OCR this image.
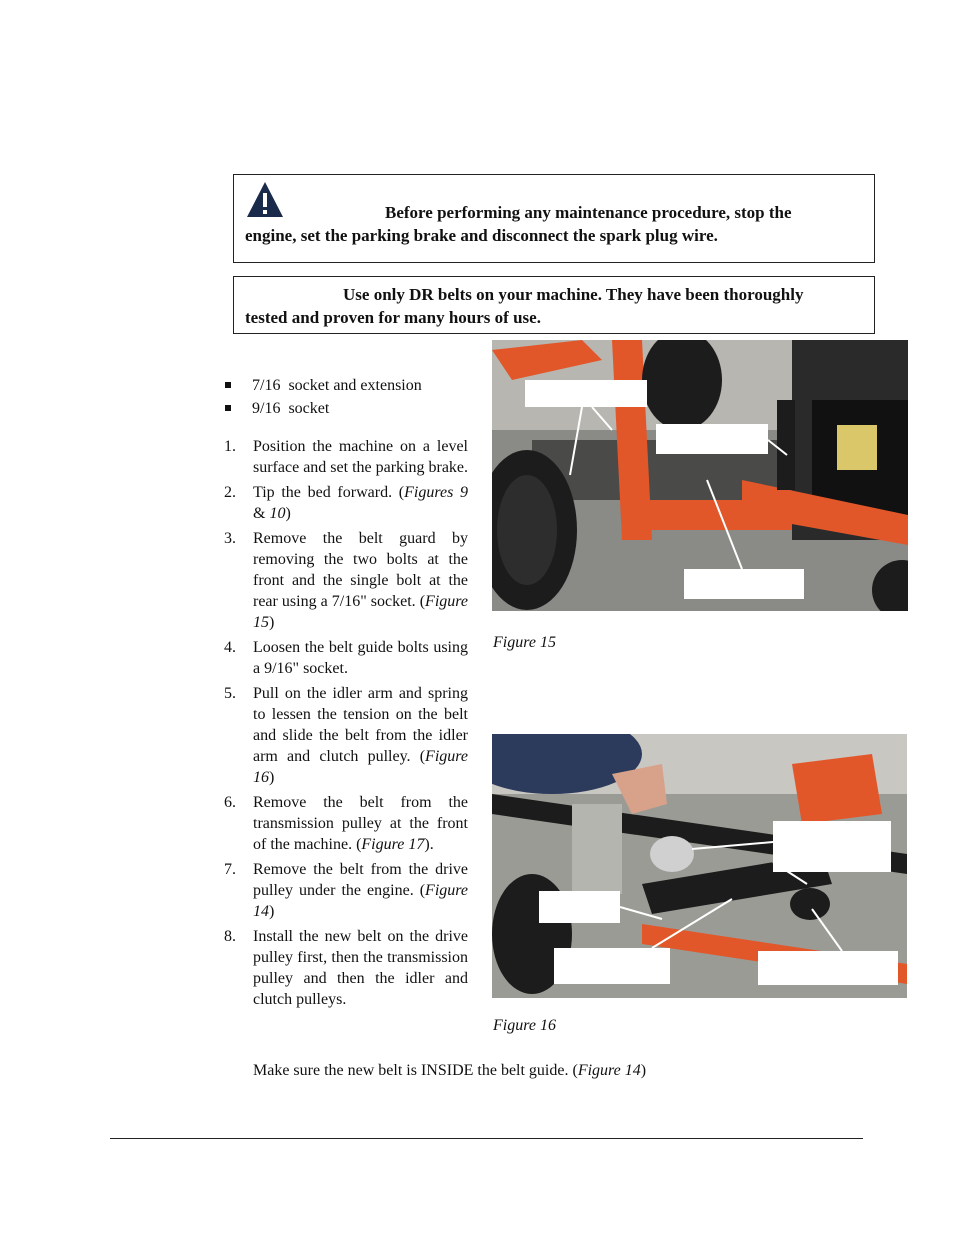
Before performing any maintenance procedure, stop the
engine, set the parking brake and disconnect the spark plug wire.
Use only DR belts on your machine. They have been thoroughly
tested and proven for many hours of use.
7/16 socket and extension
9/16 socket
1. Position the machine on a level surface and set the parking brake.
2. Tip the bed forward. (Figures 9 & 10)
3. Remove the belt guard by removing the two bolts at the front and the single bolt at the rear using a 7/16" socket. (Figure 15)
4. Loosen the belt guide bolts using a 9/16" socket.
5. Pull on the idler arm and spring to lessen the tension on the belt and slide the belt from the idler arm and clutch pulley. (Figure 16)
6. Remove the belt from the transmission pulley at the front of the machine. (Figure 17).
7. Remove the belt from the drive pulley under the engine. (Figure 14)
8. Install the new belt on the drive pulley first, then the transmission pulley and then the idler and clutch pulleys.
Make sure the new belt is INSIDE the belt guide. (Figure 14)
Figure 15
Figure 16
